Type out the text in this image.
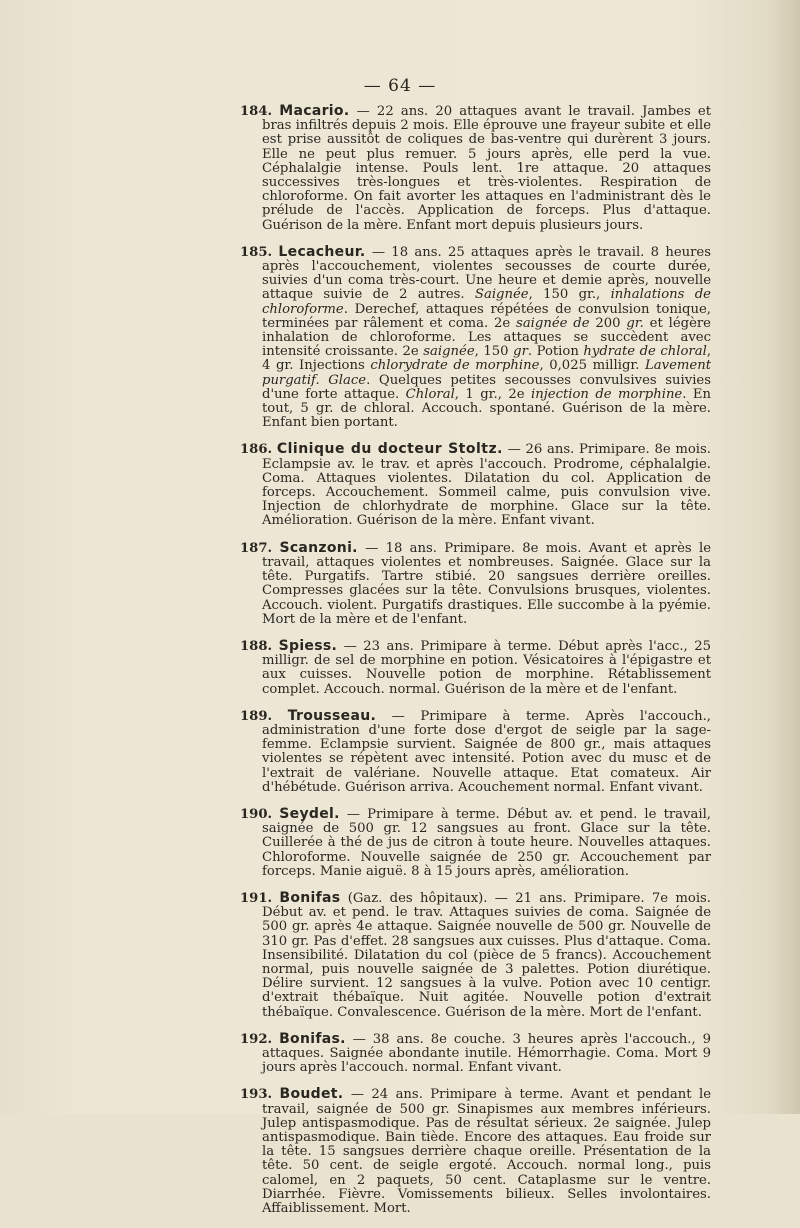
— 64 —

184. Macario. — 22 ans. 20 attaques avant le travail. Jambes et bras infiltrés depuis 2 mois. Elle éprouve une frayeur subite et elle est prise aussitôt de coliques de bas-ventre qui durèrent 3 jours. Elle ne peut plus remuer. 5 jours après, elle perd la vue. Céphalalgie intense. Pouls lent. 1re attaque. 20 attaques successives très-longues et très-violentes. Respiration de chloroforme. On fait avorter les attaques en l'administrant dès le prélude de l'accès. Application de forceps. Plus d'attaque. Guérison de la mère. Enfant mort depuis plusieurs jours.

185. Lecacheur. — 18 ans. 25 attaques après le travail. 8 heures après l'accouchement, violentes secousses de courte durée, suivies d'un coma très-court. Une heure et demie après, nouvelle attaque suivie de 2 autres. Saignée, 150 gr., inhalations de chloroforme. Derechef, attaques répétées de convulsion tonique, terminées par râlement et coma. 2e saignée de 200 gr. et légère inhalation de chloroforme. Les attaques se succèdent avec intensité croissante. 2e saignée, 150 gr. Potion hydrate de chloral, 4 gr. Injections chlorydrate de morphine, 0,025 milligr. Lavement purgatif. Glace. Quelques petites secousses convulsives suivies d'une forte attaque. Chloral, 1 gr., 2e injection de morphine. En tout, 5 gr. de chloral. Accouch. spontané. Guérison de la mère. Enfant bien portant.

186. Clinique du docteur Stoltz. — 26 ans. Primipare. 8e mois. Eclampsie av. le trav. et après l'accouch. Prodrome, céphalalgie. Coma. Attaques violentes. Dilatation du col. Application de forceps. Accouchement. Sommeil calme, puis convulsion vive. Injection de chlorhydrate de morphine. Glace sur la tête. Amélioration. Guérison de la mère. Enfant vivant.

187. Scanzoni. — 18 ans. Primipare. 8e mois. Avant et après le travail, attaques violentes et nombreuses. Saignée. Glace sur la tête. Purgatifs. Tartre stibié. 20 sangsues derrière oreilles. Compresses glacées sur la tête. Convulsions brusques, violentes. Accouch. violent. Purgatifs drastiques. Elle succombe à la pyémie. Mort de la mère et de l'enfant.

188. Spiess. — 23 ans. Primipare à terme. Début après l'acc., 25 milligr. de sel de morphine en potion. Vésicatoires à l'épigastre et aux cuisses. Nouvelle potion de morphine. Rétablissement complet. Accouch. normal. Guérison de la mère et de l'enfant.

189. Trousseau. — Primipare à terme. Après l'accouch., administration d'une forte dose d'ergot de seigle par la sage-femme. Eclampsie survient. Saignée de 800 gr., mais attaques violentes se répètent avec intensité. Potion avec du musc et de l'extrait de valériane. Nouvelle attaque. Etat comateux. Air d'hébétude. Guérison arriva. Acouchement normal. Enfant vivant.

190. Seydel. — Primipare à terme. Début av. et pend. le travail, saignée de 500 gr. 12 sangsues au front. Glace sur la tête. Cuillerée à thé de jus de citron à toute heure. Nouvelles attaques. Chloroforme. Nouvelle saignée de 250 gr. Accouchement par forceps. Manie aiguë. 8 à 15 jours après, amélioration.

191. Bonifas (Gaz. des hôpitaux). — 21 ans. Primipare. 7e mois. Début av. et pend. le trav. Attaques suivies de coma. Saignée de 500 gr. après 4e attaque. Saignée nouvelle de 500 gr. Nouvelle de 310 gr. Pas d'effet. 28 sangsues aux cuisses. Plus d'attaque. Coma. Insensibilité. Dilatation du col (pièce de 5 francs). Accouchement normal, puis nouvelle saignée de 3 palettes. Potion diurétique. Délire survient. 12 sangsues à la vulve. Potion avec 10 centigr. d'extrait thébaïque. Nuit agitée. Nouvelle potion d'extrait thébaïque. Convalescence. Guérison de la mère. Mort de l'enfant.

192. Bonifas. — 38 ans. 8e couche. 3 heures après l'accouch., 9 attaques. Saignée abondante inutile. Hémorrhagie. Coma. Mort 9 jours après l'accouch. normal. Enfant vivant.

193. Boudet. — 24 ans. Primipare à terme. Avant et pendant le travail, saignée de 500 gr. Sinapismes aux membres inférieurs. Julep antispasmodique. Pas de résultat sérieux. 2e saignée. Julep antispasmodique. Bain tiède. Encore des attaques. Eau froide sur la tête. 15 sangsues derrière chaque oreille. Présentation de la tête. 50 cent. de seigle ergoté. Accouch. normal long., puis calomel, en 2 paquets, 50 cent. Cataplasme sur le ventre. Diarrhée. Fièvre. Vomissements bilieux. Selles involontaires. Affaiblissement. Mort.
